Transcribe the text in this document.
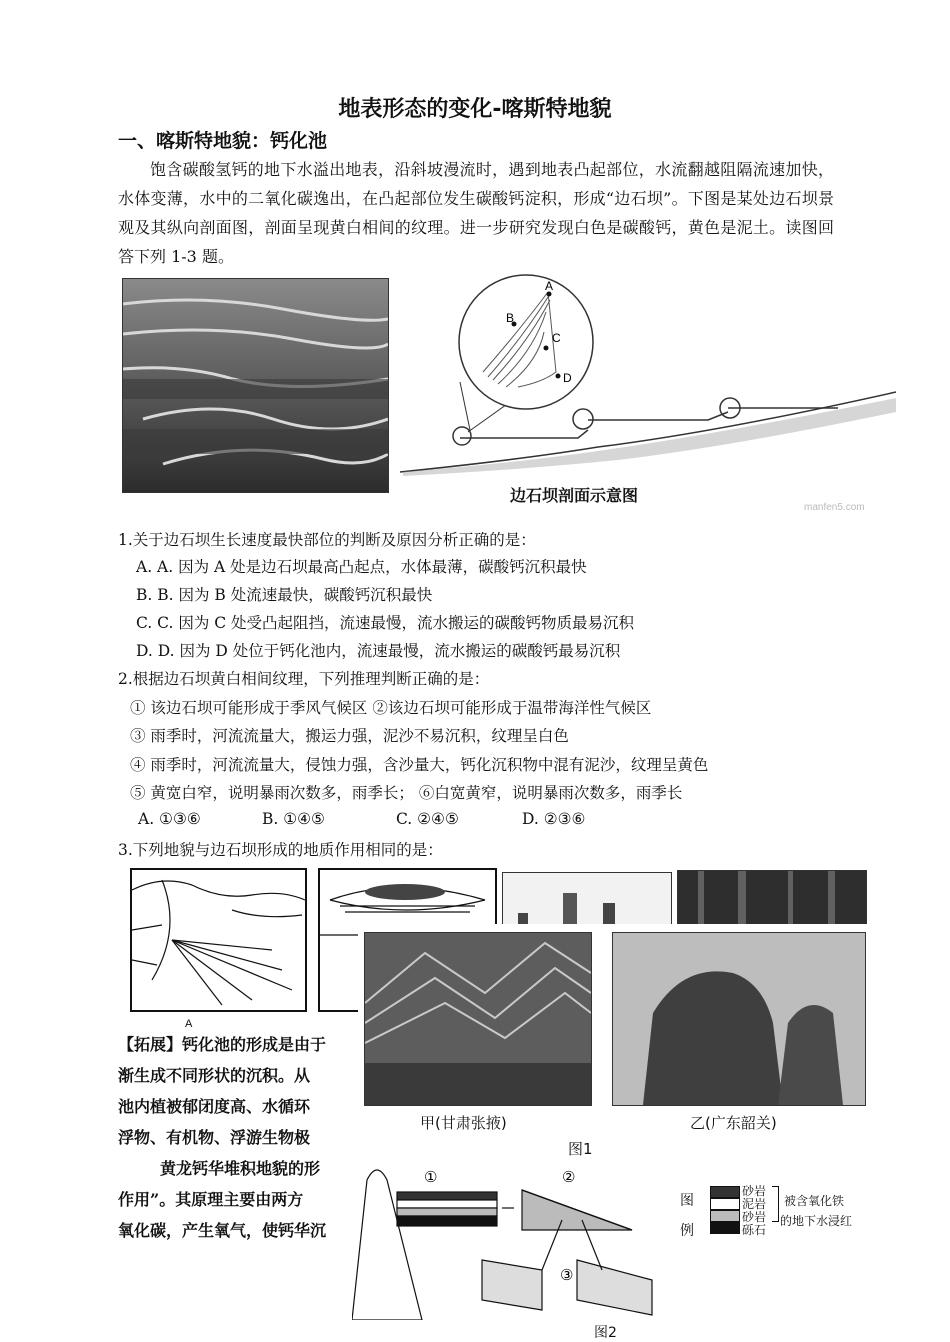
地表形态的变化-喀斯特地貌
一、喀斯特地貌：钙化池
饱含碳酸氢钙的地下水溢出地表，沿斜坡漫流时，遇到地表凸起部位，水流翻越阻隔流速加快，水体变薄，水中的二氧化碳逸出，在凸起部位发生碳酸钙淀积，形成“边石坝”。下图是某处边石坝景观及其纵向剖面图，剖面呈现黄白相间的纹理。进一步研究发现白色是碳酸钙，黄色是泥土。读图回答下列 1-3 题。
A
B
C
D
边石坝剖面示意图
manfen5.com
1.关于边石坝生长速度最快部位的判断及原因分析正确的是：
A. A. 因为 A 处是边石坝最高凸起点，水体最薄，碳酸钙沉积最快
B. B. 因为 B 处流速最快，碳酸钙沉积最快
C. C. 因为 C 处受凸起阻挡，流速最慢，流水搬运的碳酸钙物质最易沉积
D. D. 因为 D 处位于钙化池内，流速最慢，流水搬运的碳酸钙最易沉积
2.根据边石坝黄白相间纹理，下列推理判断正确的是：
① 该边石坝可能形成于季风气候区 ②该边石坝可能形成于温带海洋性气候区
③ 雨季时，河流流量大，搬运力强，泥沙不易沉积，纹理呈白色
④ 雨季时，河流流量大，侵蚀力强，含沙量大，钙化沉积物中混有泥沙，纹理呈黄色
⑤ 黄宽白窄，说明暴雨次数多，雨季长； ⑥白宽黄窄，说明暴雨次数多，雨季长
A. ①③⑥	B. ①④⑤	C. ②④⑤	D. ②③⑥
3.下列地貌与边石坝形成的地质作用相同的是：
A
【拓展】钙化池的形成是由于
渐生成不同形状的沉积。从
池内植被郁闭度高、水循环
浮物、有机物、浮游生物极
黄龙钙华堆积地貌的形
作用”。其原理主要由两方
氧化碳，产生氧气，使钙华沉
甲(甘肃张掖)	乙(广东韶关)
图1
①	②
③
图2
图
例
砂岩
泥岩
砂岩
砾石
被含氧化铁
的地下水浸红
